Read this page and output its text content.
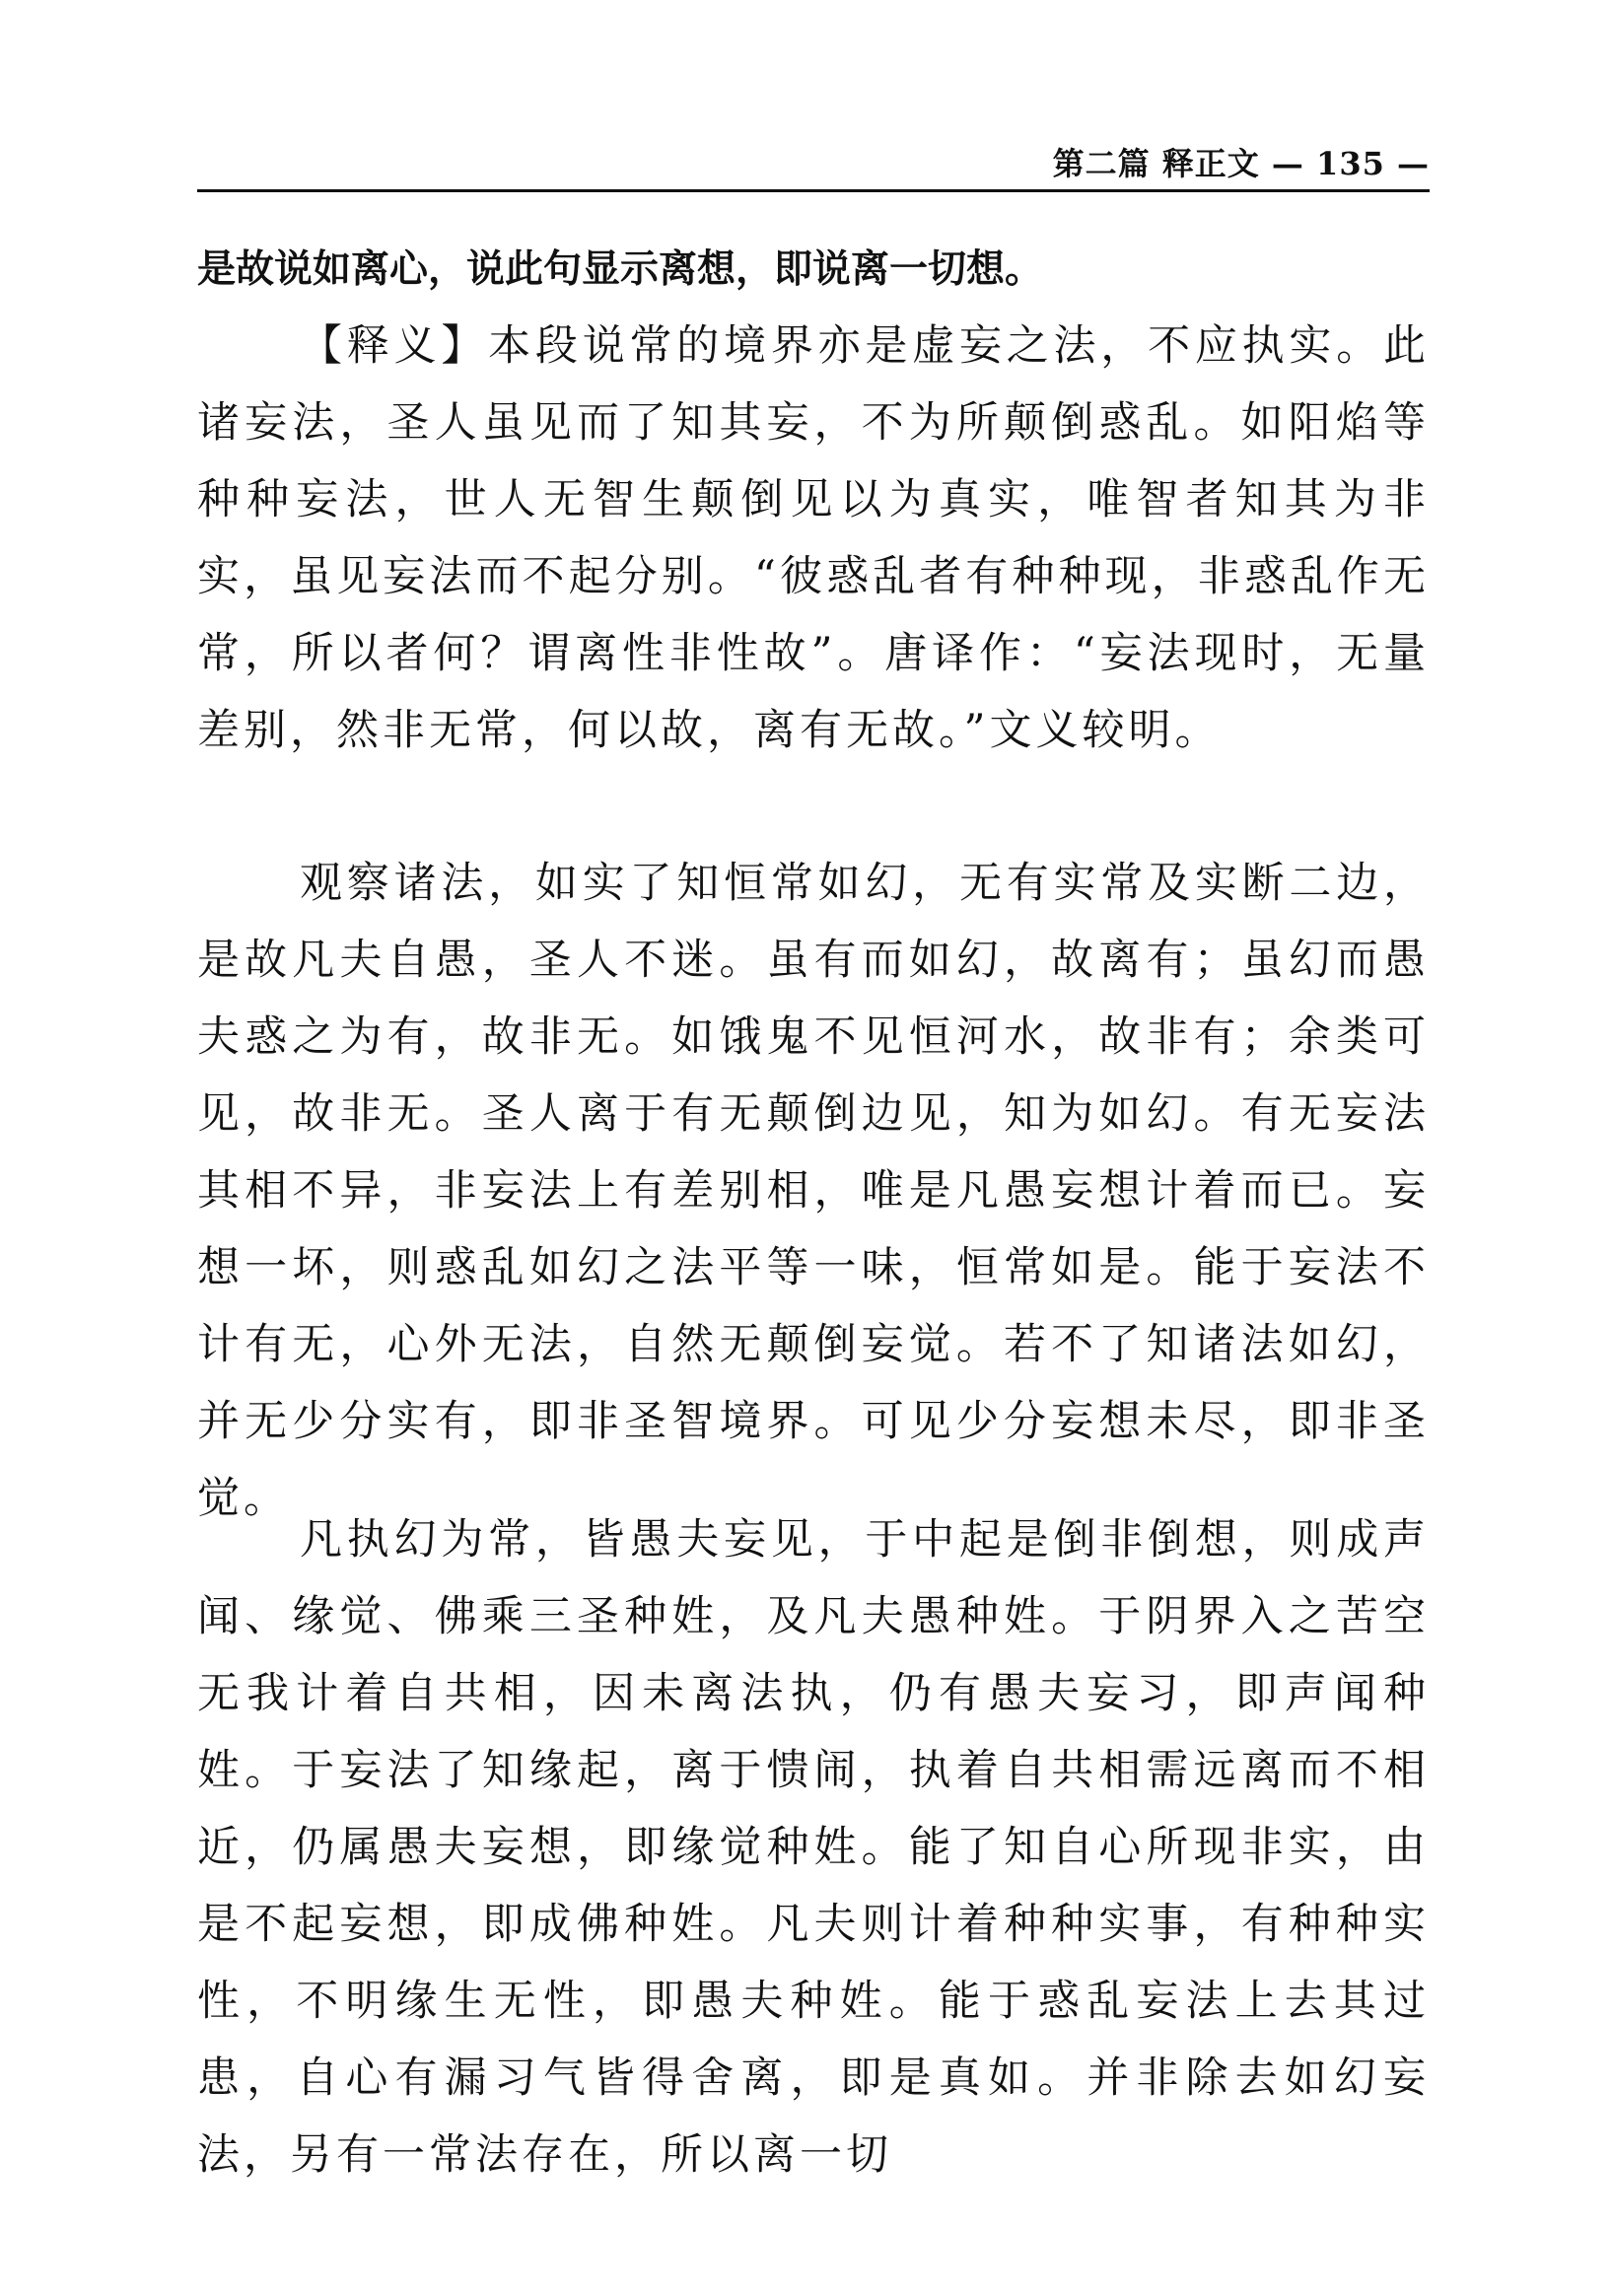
第二篇 释正文 — 135 —
是故说如离心，说此句显示离想，即说离一切想。

【释义】本段说常的境界亦是虚妄之法，不应执实。此诸妄法，圣人虽见而了知其妄，不为所颠倒惑乱。如阳焰等种种妄法，世人无智生颠倒见以为真实，唯智者知其为非实，虽见妄法而不起分别。“彼惑乱者有种种现，非惑乱作无常，所以者何？谓离性非性故”。唐译作：“妄法现时，无量差别，然非无常，何以故，离有无故。”文义较明。

观察诸法，如实了知恒常如幻，无有实常及实断二边，是故凡夫自愚，圣人不迷。虽有而如幻，故离有；虽幻而愚夫惑之为有，故非无。如饿鬼不见恒河水，故非有；余类可见，故非无。圣人离于有无颠倒边见，知为如幻。有无妄法其相不异，非妄法上有差别相，唯是凡愚妄想计着而已。妄想一坏，则惑乱如幻之法平等一味，恒常如是。能于妄法不计有无，心外无法，自然无颠倒妄觉。若不了知诸法如幻，并无少分实有，即非圣智境界。可见少分妄想未尽，即非圣觉。

凡执幻为常，皆愚夫妄见，于中起是倒非倒想，则成声闻、缘觉、佛乘三圣种姓，及凡夫愚种姓。于阴界入之苦空无我计着自共相，因未离法执，仍有愚夫妄习，即声闻种姓。于妄法了知缘起，离于愦闹，执着自共相需远离而不相近，仍属愚夫妄想，即缘觉种姓。能了知自心所现非实，由是不起妄想，即成佛种姓。凡夫则计着种种实事，有种种实性，不明缘生无性，即愚夫种姓。能于惑乱妄法上去其过患，自心有漏习气皆得舍离，即是真如。并非除去如幻妄法，另有一常法存在，所以离一切
